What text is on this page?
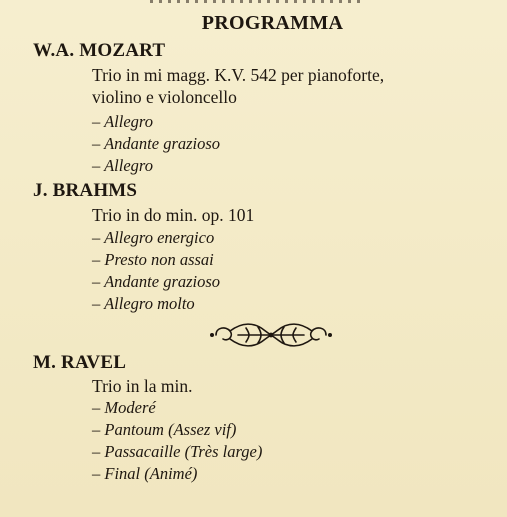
PROGRAMMA
W.A. MOZART
Trio in mi magg. K.V. 542 per pianoforte,
violino e violoncello
– Allegro
– Andante grazioso
– Allegro
J. BRAHMS
Trio in do min. op. 101
– Allegro energico
– Presto non assai
– Andante grazioso
– Allegro molto
M. RAVEL
Trio in la min.
– Moderé
– Pantoum (Assez vif)
– Passacaille (Très large)
– Final (Animé)
